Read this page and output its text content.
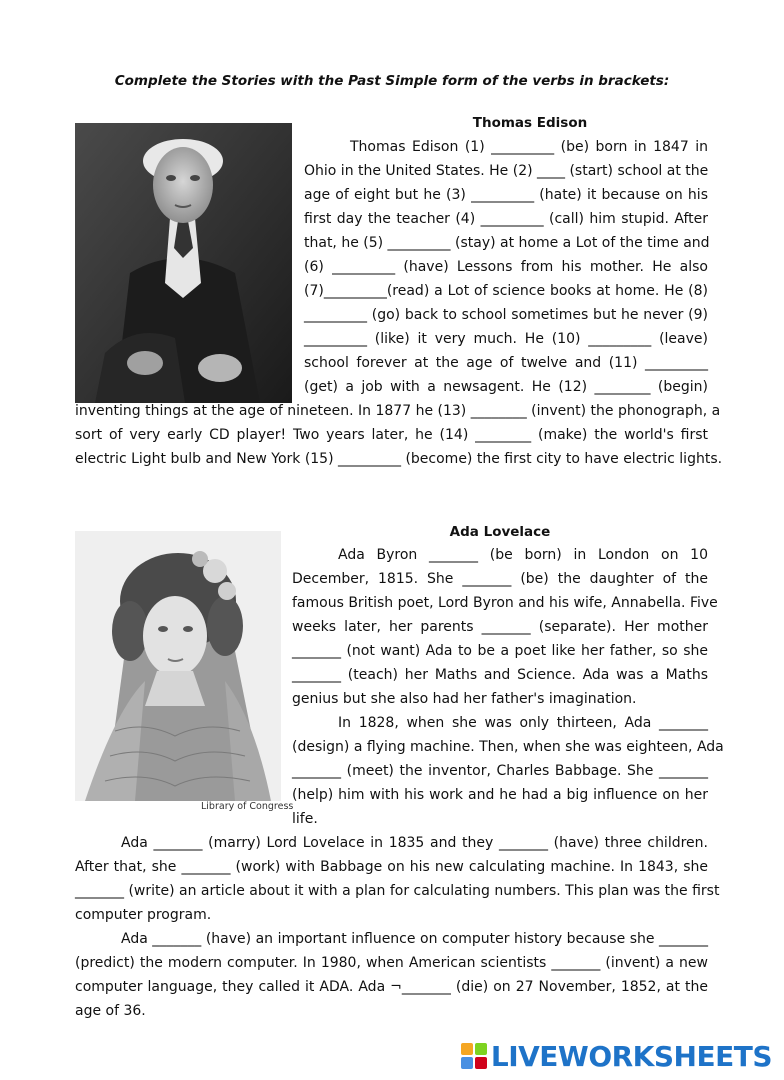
Complete the Stories with the Past Simple form of the verbs in brackets:
Thomas Edison
Thomas Edison (1) _________ (be) born in 1847 in
Ohio in the United States. He (2) ____ (start) school at the
age of eight but he (3) _________ (hate) it because on his
first day the teacher (4) _________ (call) him stupid. After
that, he (5) _________ (stay) at home a Lot of the time and
(6) _________ (have) Lessons from his mother. He also
(7)_________(read) a Lot of science books at home. He (8)
_________ (go) back to school sometimes but he never (9)
_________ (like) it very much. He (10) _________ (leave)
school forever at the age of twelve and (11) _________
(get) a job with a newsagent. He (12) ________ (begin)
inventing things at the age of nineteen. In 1877 he (13) ________ (invent) the phonograph, a
sort of very early CD player! Two years later, he (14) ________ (make) the world's first
electric Light bulb and New York (15) _________ (become) the first city to have electric lights.
Ada Lovelace
Library of Congress
Ada Byron _______ (be born) in London on 10
December, 1815. She _______ (be) the daughter of the
famous British poet, Lord Byron and his wife, Annabella. Five
weeks later, her parents _______ (separate). Her mother
_______ (not want) Ada to be a poet like her father, so she
_______ (teach) her Maths and Science. Ada was a Maths
genius but she also had her father's imagination.
In 1828, when she was only thirteen, Ada _______
(design) a flying machine. Then, when she was eighteen, Ada
_______ (meet) the inventor, Charles Babbage. She _______
(help) him with his work and he had a big influence on her
life.
Ada _______ (marry) Lord Lovelace in 1835 and they _______ (have) three children.
After that, she _______ (work) with Babbage on his new calculating machine. In 1843, she
_______ (write) an article about it with a plan for calculating numbers. This plan was the first
computer program.
Ada _______ (have) an important influence on computer history because she _______
(predict) the modern computer. In 1980, when American scientists _______ (invent) a new
computer language, they called it ADA. Ada ¬_______ (die) on 27 November, 1852, at the
age of 36.
LIVEWORKSHEETS
